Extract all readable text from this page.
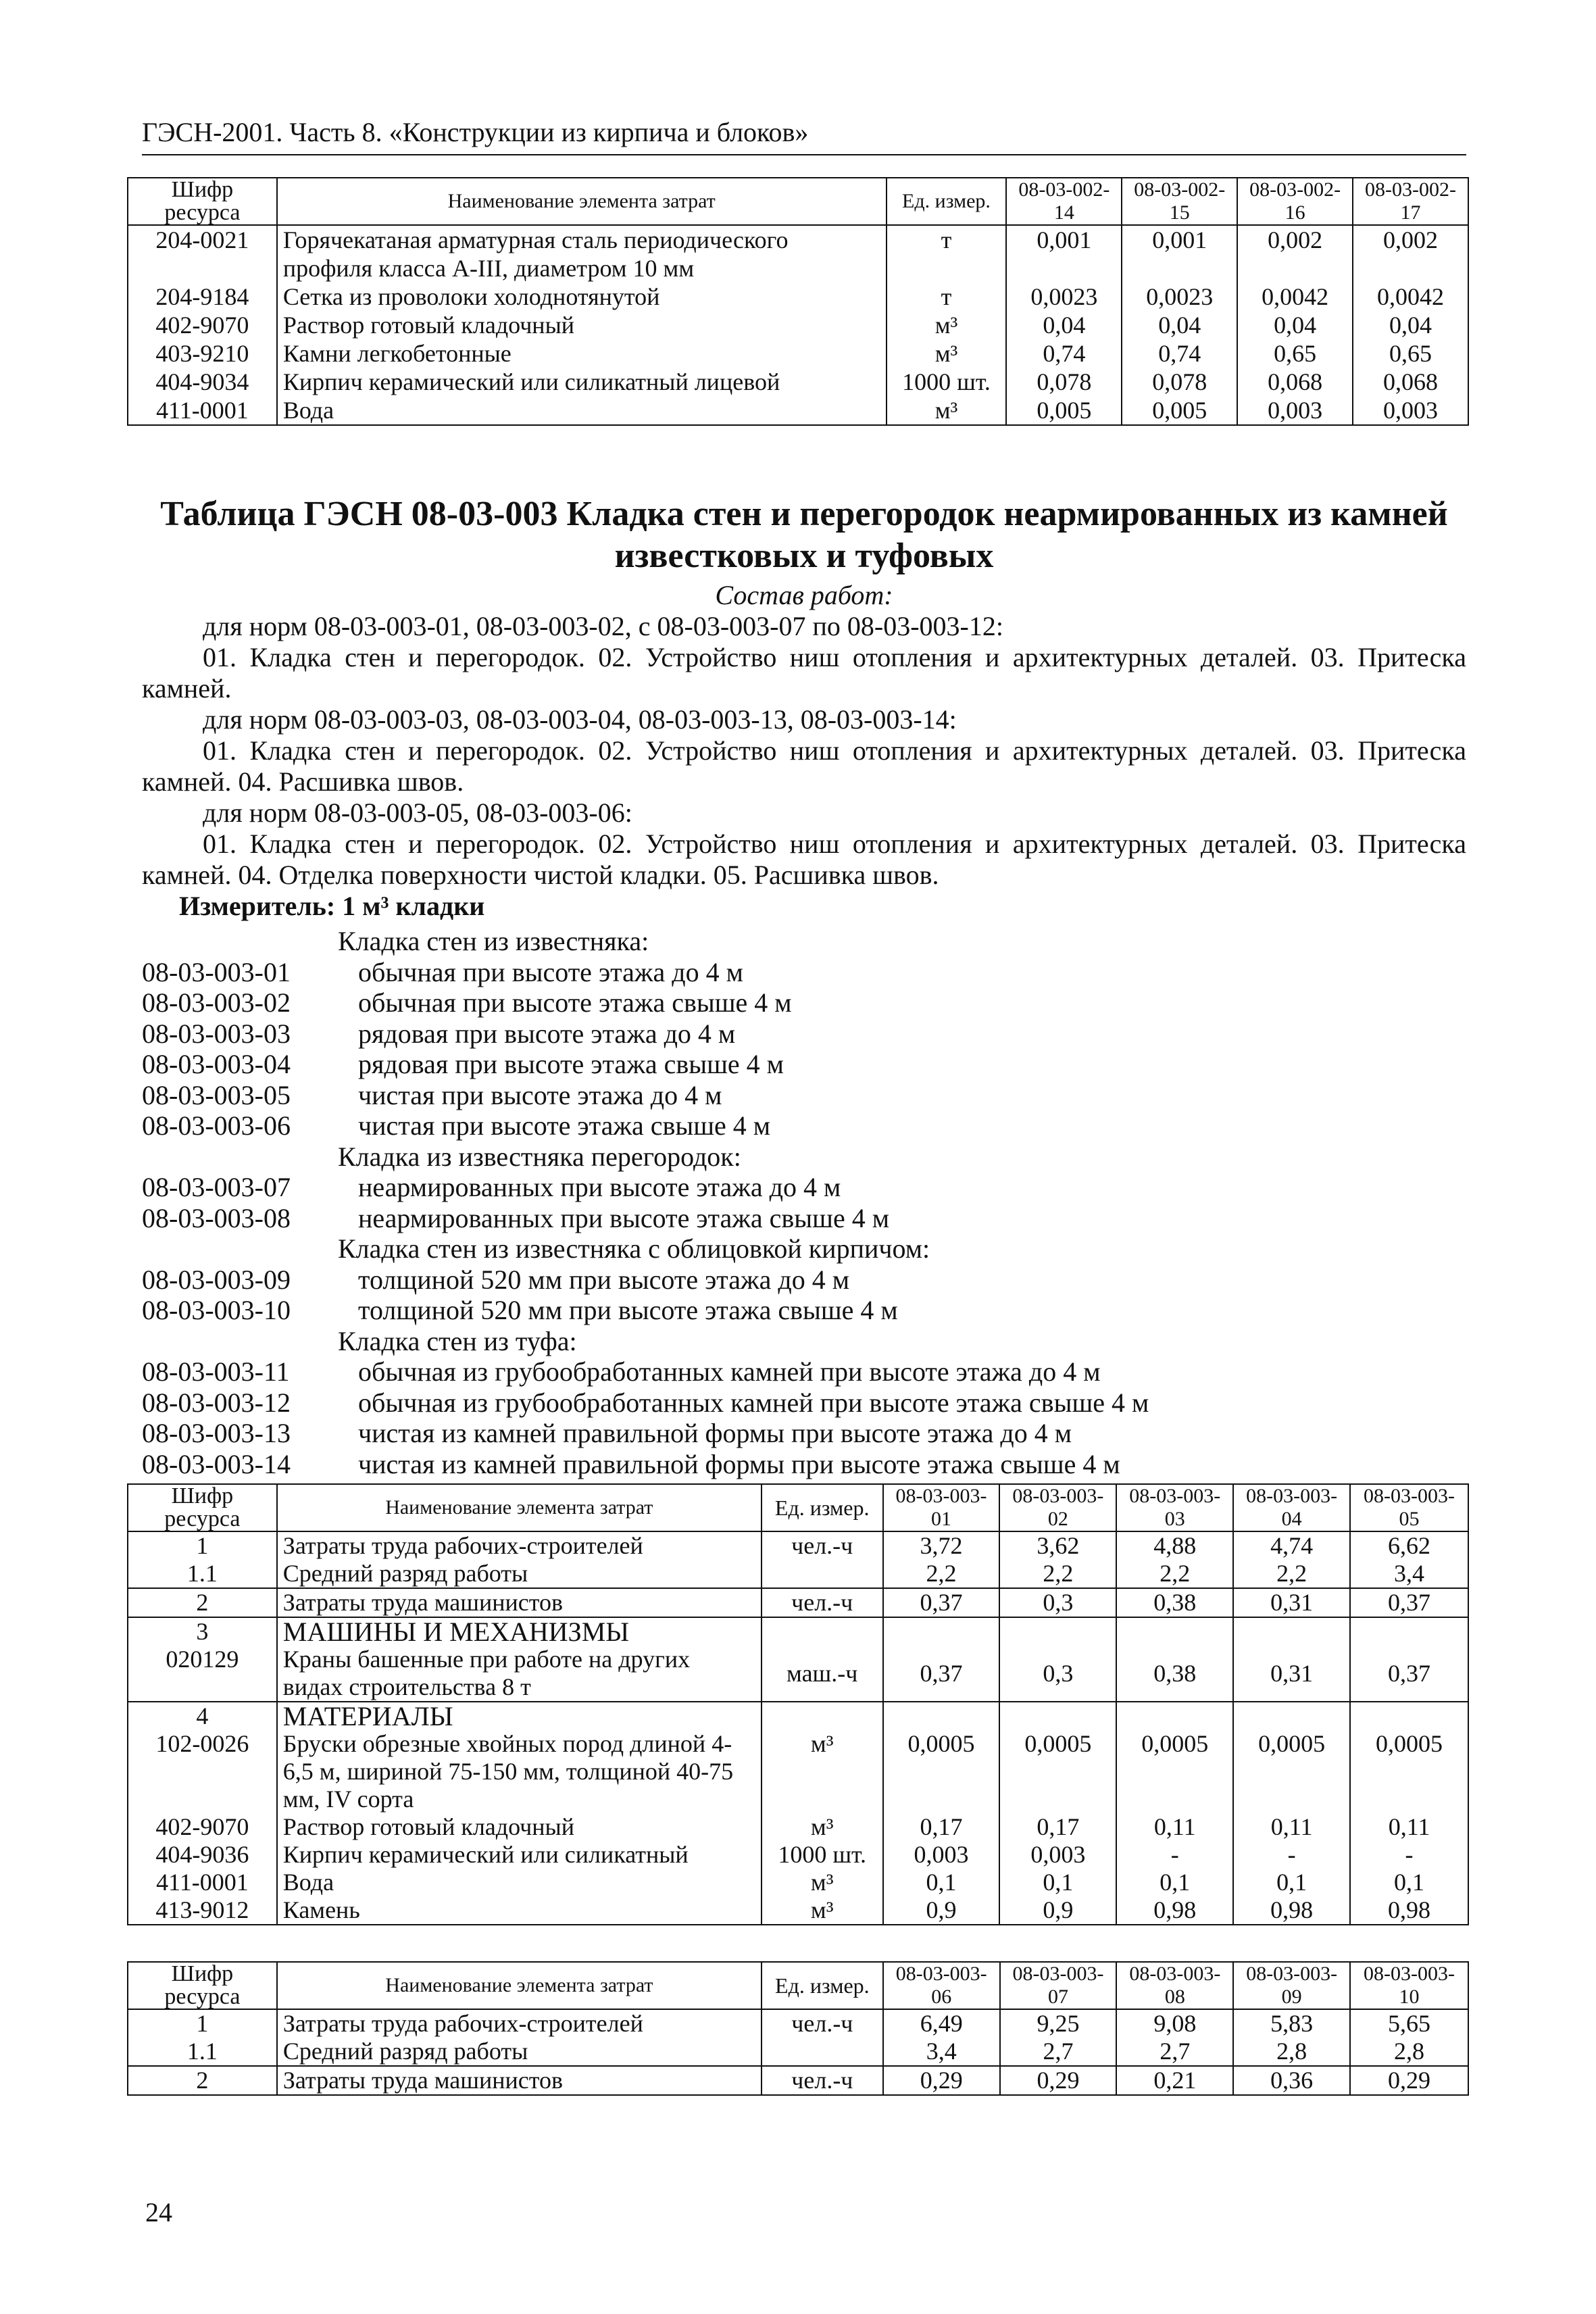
ГЭСН-2001. Часть 8. «Конструкции из кирпича и блоков»
Шифр ресурса	Наименование элемента затрат	Ед. измер.	08-03-002-14	08-03-002-15	08-03-002-16	08-03-002-17
204-0021	Горячекатаная арматурная сталь периодического профиля класса А-III, диаметром 10 мм	т	0,001	0,001	0,002	0,002
204-9184	Сетка из проволоки холоднотянутой	т	0,0023	0,0023	0,0042	0,0042
402-9070	Раствор готовый кладочный	м³	0,04	0,04	0,04	0,04
403-9210	Камни легкобетонные	м³	0,74	0,74	0,65	0,65
404-9034	Кирпич керамический или силикатный лицевой	1000 шт.	0,078	0,078	0,068	0,068
411-0001	Вода	м³	0,005	0,005	0,003	0,003
Таблица ГЭСН 08-03-003 Кладка стен и перегородок неармированных из камней
известковых и туфовых
Состав работ:
для норм 08-03-003-01, 08-03-003-02, с 08-03-003-07 по 08-03-003-12:
01. Кладка стен и перегородок. 02. Устройство ниш отопления и архитектурных деталей. 03. Притеска камней.
для норм 08-03-003-03, 08-03-003-04, 08-03-003-13, 08-03-003-14:
01. Кладка стен и перегородок. 02. Устройство ниш отопления и архитектурных деталей. 03. Притеска камней. 04. Расшивка швов.
для норм 08-03-003-05, 08-03-003-06:
01. Кладка стен и перегородок. 02. Устройство ниш отопления и архитектурных деталей. 03. Притеска камней. 04. Отделка поверхности чистой кладки. 05. Расшивка швов.
Измеритель: 1 м³ кладки
Кладка стен из известняка:
08-03-003-01	обычная при высоте этажа до 4 м
08-03-003-02	обычная при высоте этажа свыше 4 м
08-03-003-03	рядовая при высоте этажа до 4 м
08-03-003-04	рядовая при высоте этажа свыше 4 м
08-03-003-05	чистая при высоте этажа до 4 м
08-03-003-06	чистая при высоте этажа свыше 4 м
Кладка из известняка перегородок:
08-03-003-07	неармированных при высоте этажа до 4 м
08-03-003-08	неармированных при высоте этажа свыше 4 м
Кладка стен из известняка с облицовкой кирпичом:
08-03-003-09	толщиной 520 мм при высоте этажа до 4 м
08-03-003-10	толщиной 520 мм при высоте этажа свыше 4 м
Кладка стен из туфа:
08-03-003-11	обычная из грубообработанных камней при высоте этажа до 4 м
08-03-003-12	обычная из грубообработанных камней при высоте этажа свыше 4 м
08-03-003-13	чистая из камней правильной формы при высоте этажа до 4 м
08-03-003-14	чистая из камней правильной формы при высоте этажа свыше 4 м
Шифр ресурса	Наименование элемента затрат	Ед. измер.	08-03-003-01	08-03-003-02	08-03-003-03	08-03-003-04	08-03-003-05
1	Затраты труда рабочих-строителей	чел.-ч	3,72	3,62	4,88	4,74	6,62
1.1	Средний разряд работы		2,2	2,2	2,2	2,2	3,4
2	Затраты труда машинистов	чел.-ч	0,37	0,3	0,38	0,31	0,37
3	МАШИНЫ И МЕХАНИЗМЫ						
020129	Краны башенные при работе на других видах строительства 8 т	маш.-ч	0,37	0,3	0,38	0,31	0,37
4	МАТЕРИАЛЫ						
102-0026	Бруски обрезные хвойных пород длиной 4-6,5 м, шириной 75-150 мм, толщиной 40-75 мм, IV сорта	м³	0,0005	0,0005	0,0005	0,0005	0,0005
402-9070	Раствор готовый кладочный	м³	0,17	0,17	0,11	0,11	0,11
404-9036	Кирпич керамический или силикатный	1000 шт.	0,003	0,003	-	-	-
411-0001	Вода	м³	0,1	0,1	0,1	0,1	0,1
413-9012	Камень	м³	0,9	0,9	0,98	0,98	0,98
Шифр ресурса	Наименование элемента затрат	Ед. измер.	08-03-003-06	08-03-003-07	08-03-003-08	08-03-003-09	08-03-003-10
1	Затраты труда рабочих-строителей	чел.-ч	6,49	9,25	9,08	5,83	5,65
1.1	Средний разряд работы		3,4	2,7	2,7	2,8	2,8
2	Затраты труда машинистов	чел.-ч	0,29	0,29	0,21	0,36	0,29
24
